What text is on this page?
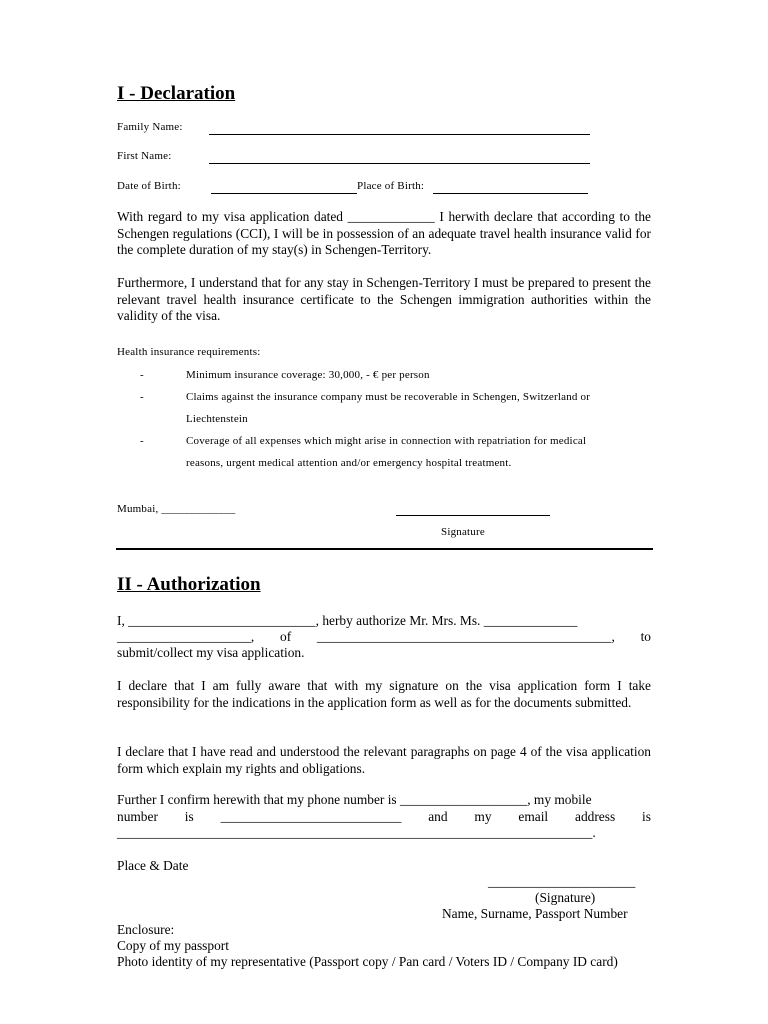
I - Declaration
Family Name:
First Name:
Date of Birth:	Place of Birth:
With regard to my visa application dated _____________ I herwith declare that according to the Schengen regulations (CCI), I will be in possession of an adequate travel health insurance valid for the complete duration of my stay(s) in Schengen-Territory.
Furthermore, I understand that for any stay in Schengen-Territory I must be prepared to present the relevant travel health insurance certificate to the Schengen immigration authorities within the validity of the visa.
Health insurance requirements:
-	Minimum insurance coverage: 30,000, - € per person
-	Claims against the insurance company must be recoverable in Schengen, Switzerland or
Liechtenstein
-	Coverage of all expenses which might arise in connection with repatriation for medical
reasons, urgent medical attention and/or emergency hospital treatment.
Mumbai, _____________
Signature
II - Authorization
I, ____________________________, herby authorize Mr. Mrs. Ms. ______________
____________________, of ____________________________________________, to
submit/collect my visa application.
I declare that I am fully aware that with my signature on the visa application form I take responsibility for the indications in the application form as well as for the documents submitted.
I declare that I have read and understood the relevant paragraphs on page 4 of the visa application form which explain my rights and obligations.
Further I confirm herewith that my phone number is ___________________, my mobile
number is ___________________________ and my email address is
_______________________________________________________________________.
Place & Date
______________________
(Signature)
Name, Surname, Passport Number
Enclosure:
Copy of my passport
Photo identity of my representative (Passport copy / Pan card / Voters ID / Company ID card)
